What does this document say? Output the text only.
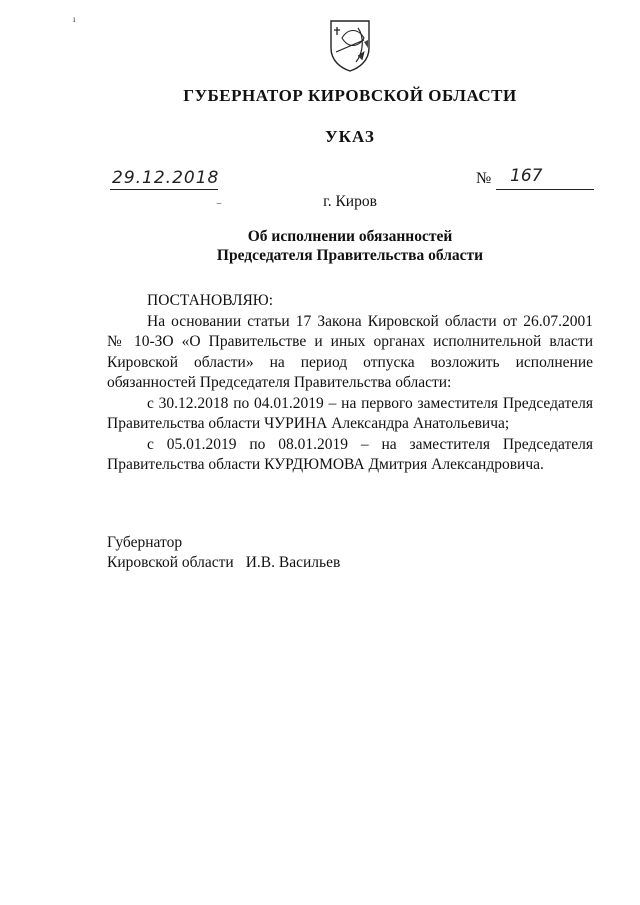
ı
ГУБЕРНАТОР КИРОВСКОЙ ОБЛАСТИ
УКАЗ
29.12.2018
⌣
№ 167
г. Киров
Об исполнении обязанностей
Председателя Правительства области

ПОСТАНОВЛЯЮ:

На основании статьи 17 Закона Кировской области от 26.07.2001 № 10-ЗО «О Правительстве и иных органах исполнительной власти Кировской области» на период отпуска возложить исполнение обязанностей Председателя Правительства области:

с 30.12.2018 по 04.01.2019 – на первого заместителя Председателя Правительства области ЧУРИНА Александра Анатольевича;

с 05.01.2019 по 08.01.2019 – на заместителя Председателя Правительства области КУРДЮМОВА Дмитрия Александровича.

Губернатор
Кировской области И.В. Васильев
